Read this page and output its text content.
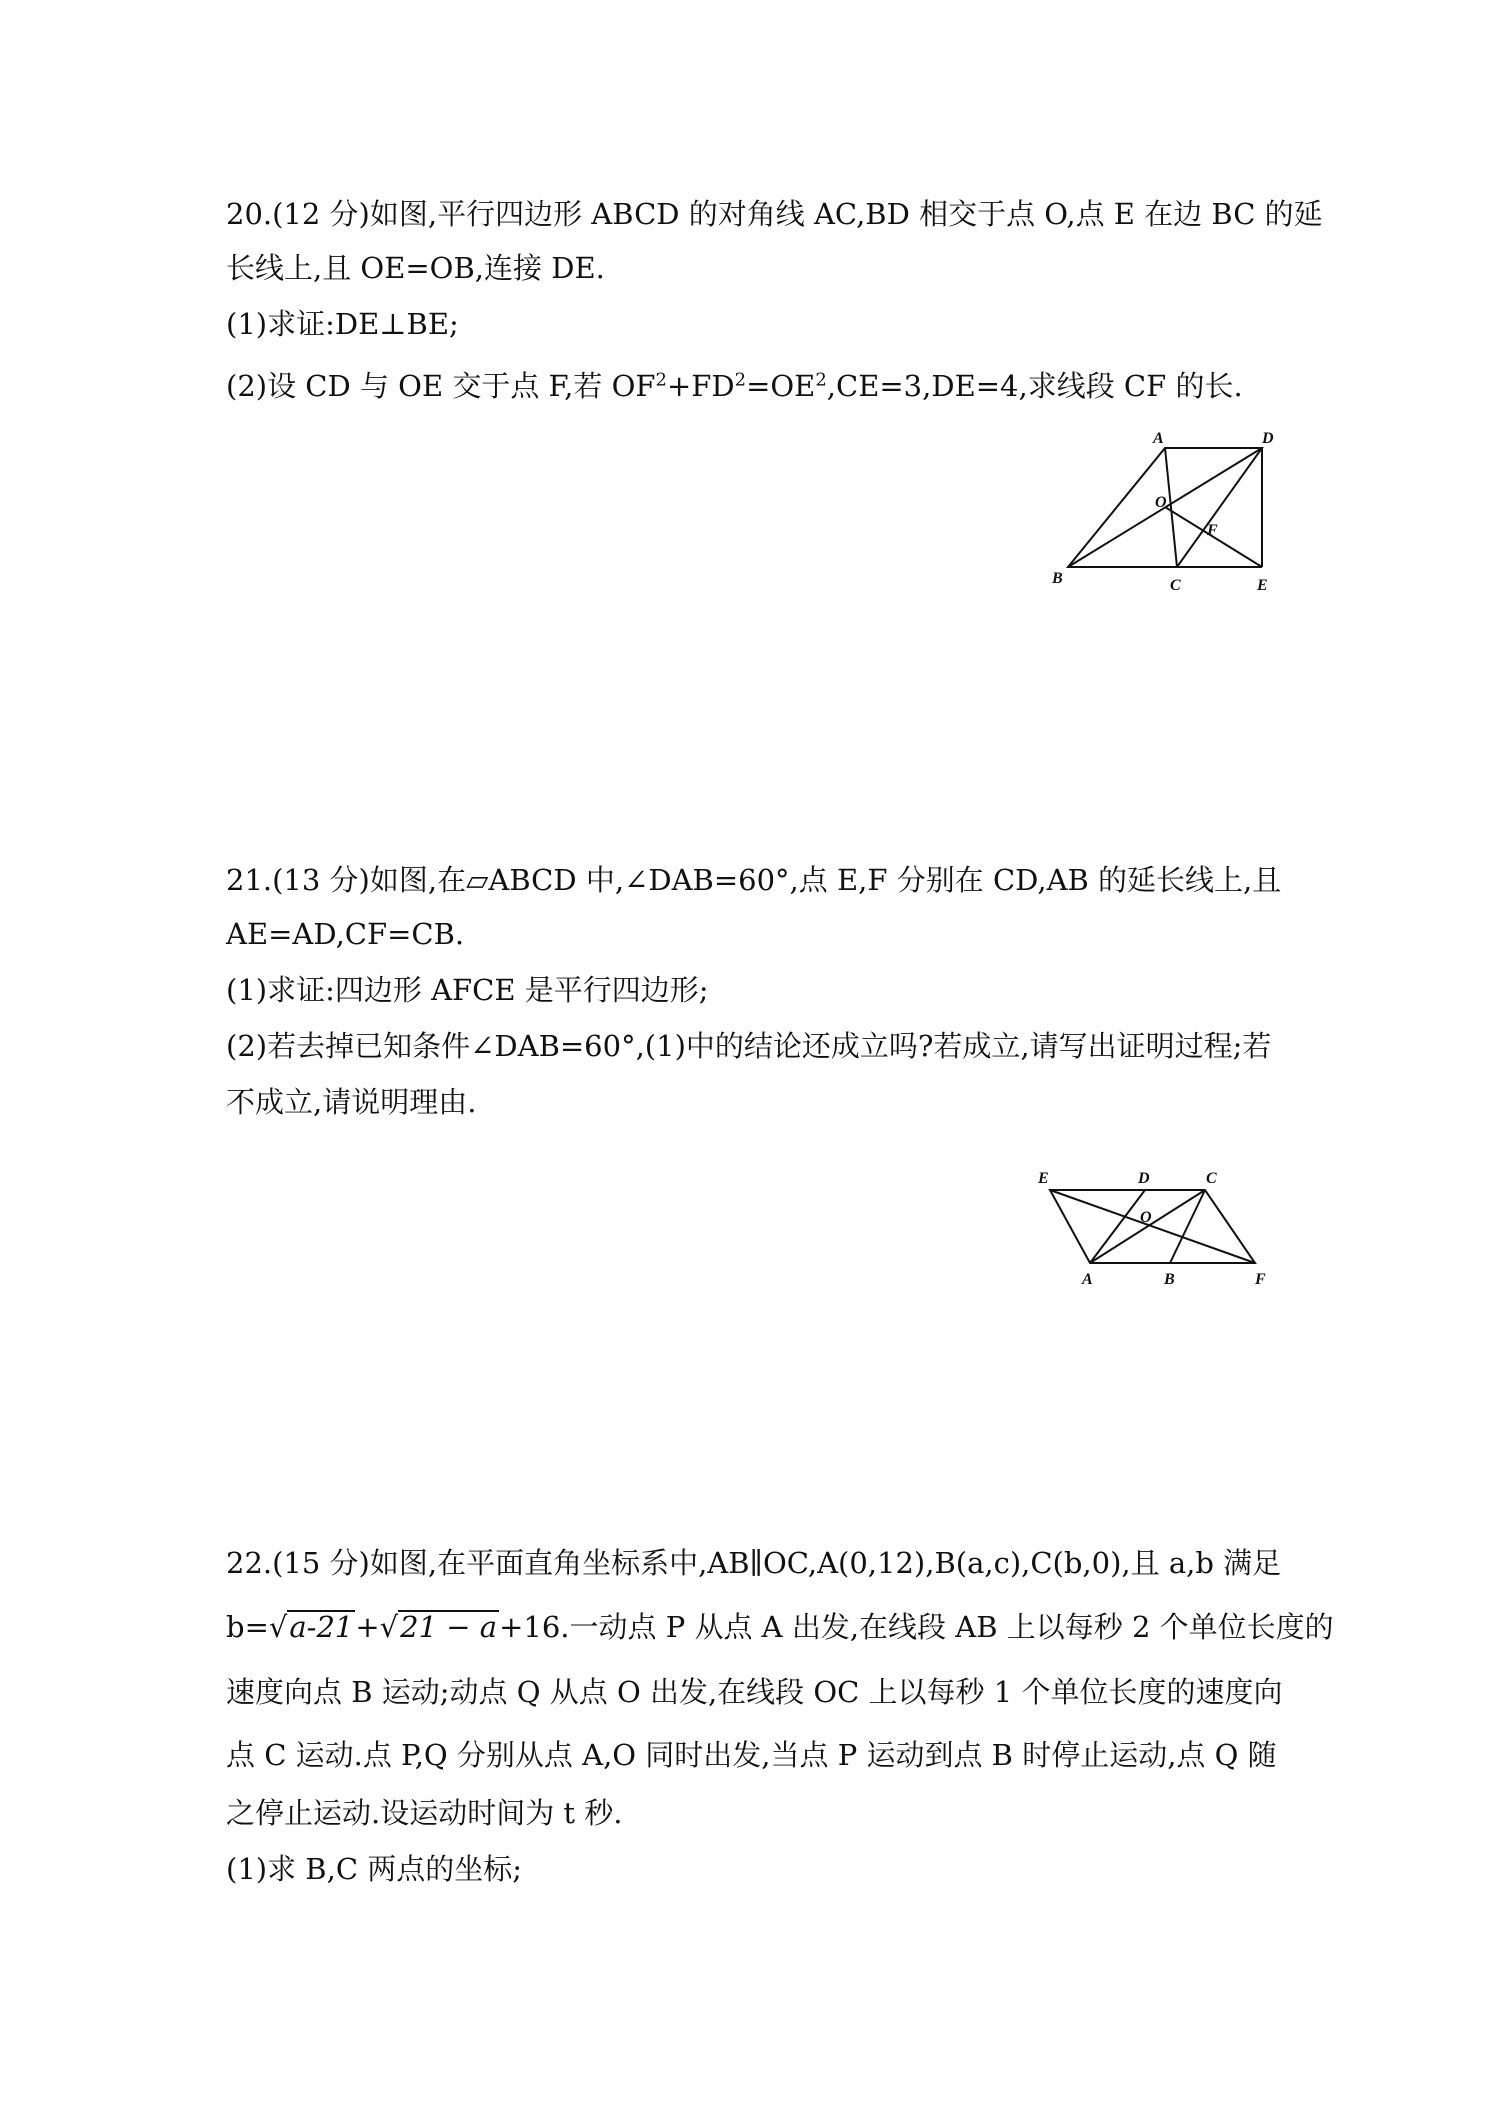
20.(12 分)如图,平行四边形 ABCD 的对角线 AC,BD 相交于点 O,点 E 在边 BC 的延
长线上,且 OE=OB,连接 DE.
(1)求证:DE⊥BE;
(2)设 CD 与 OE 交于点 F,若 $OF^2+FD^2=OE^2,CE=3,DE=4$,求线段 CF 的长.
A	D
O
F
B	C	E
21.(13 分)如图,在▱ABCD 中,∠DAB=60°,点 E,F 分别在 CD,AB 的延长线上,且
AE=AD,CF=CB.
(1)求证:四边形 AFCE 是平行四边形;
(2)若去掉已知条件∠DAB=60°,(1)中的结论还成立吗?若成立,请写出证明过程;若
不成立,请说明理由.
E	D	C
O
A	B	F
22.(15 分)如图,在平面直角坐标系中,AB∥OC,A(0,12),B(a,c),C(b,0),且 a,b 满足
b=√a-21+√21 − a+16.一动点 P 从点 A 出发,在线段 AB 上以每秒 2 个单位长度的
速度向点 B 运动;动点 Q 从点 O 出发,在线段 OC 上以每秒 1 个单位长度的速度向
点 C 运动.点 P,Q 分别从点 A,O 同时出发,当点 P 运动到点 B 时停止运动,点 Q 随
之停止运动.设运动时间为 t 秒.
(1)求 B,C 两点的坐标;
